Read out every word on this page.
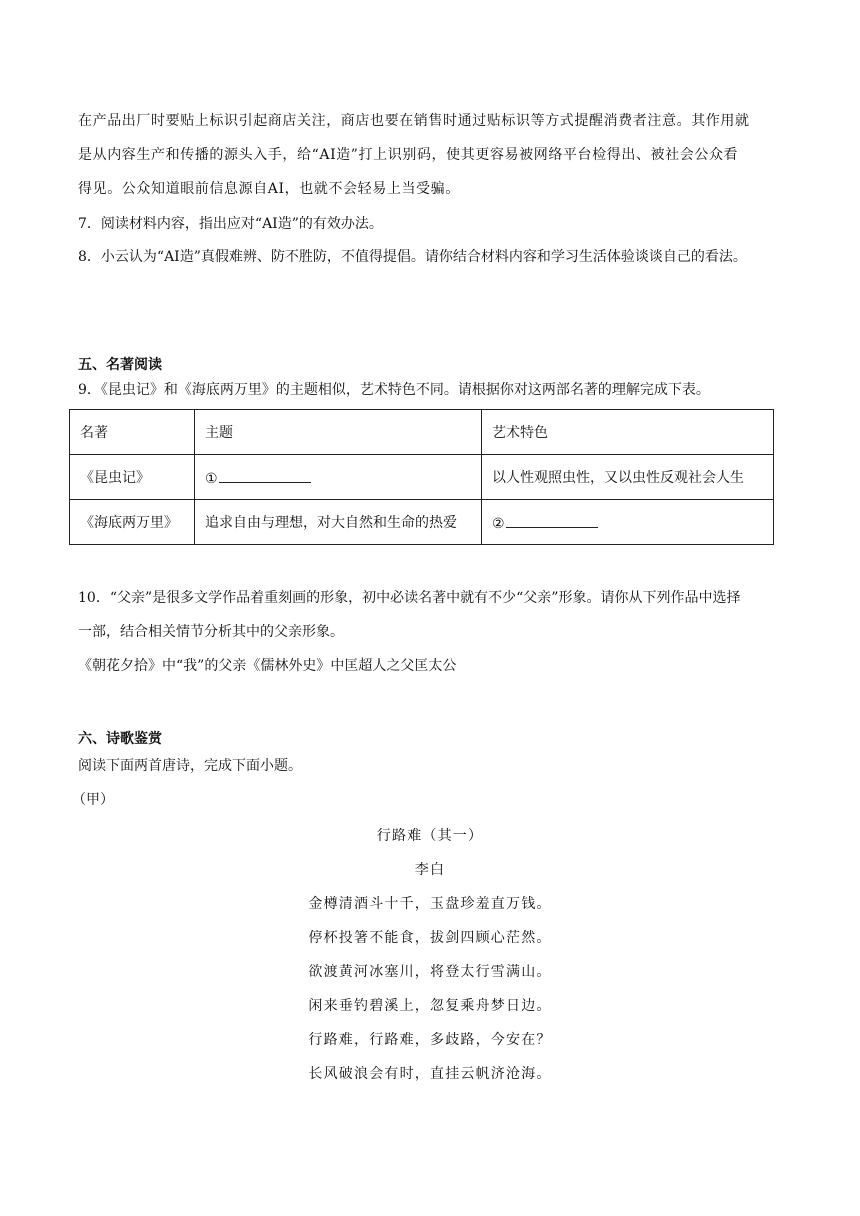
在产品出厂时要贴上标识引起商店关注，商店也要在销售时通过贴标识等方式提醒消费者注意。其作用就
是从内容生产和传播的源头入手，给“AI造”打上识别码，使其更容易被网络平台检得出、被社会公众看
得见。公众知道眼前信息源自AI，也就不会轻易上当受骗。
7．阅读材料内容，指出应对“AI造”的有效办法。
8．小云认为“AI造”真假难辨、防不胜防，不值得提倡。请你结合材料内容和学习生活体验谈谈自己的看法。
五、名著阅读
9．《昆虫记》和《海底两万里》的主题相似，艺术特色不同。请根据你对这两部名著的理解完成下表。
名著	主题	艺术特色
《昆虫记》	①	以人性观照虫性，又以虫性反观社会人生
《海底两万里》	追求自由与理想，对大自然和生命的热爱	②
10．“父亲”是很多文学作品着重刻画的形象，初中必读名著中就有不少“父亲”形象。请你从下列作品中选择
一部，结合相关情节分析其中的父亲形象。
《朝花夕拾》中“我”的父亲《儒林外史》中匡超人之父匡太公
六、诗歌鉴赏
阅读下面两首唐诗，完成下面小题。
（甲）
行路难（其一）
李白
金樽清酒斗十千，玉盘珍羞直万钱。
停杯投箸不能食，拔剑四顾心茫然。
欲渡黄河冰塞川，将登太行雪满山。
闲来垂钓碧溪上，忽复乘舟梦日边。
行路难，行路难，多歧路，今安在？
长风破浪会有时，直挂云帆济沧海。
